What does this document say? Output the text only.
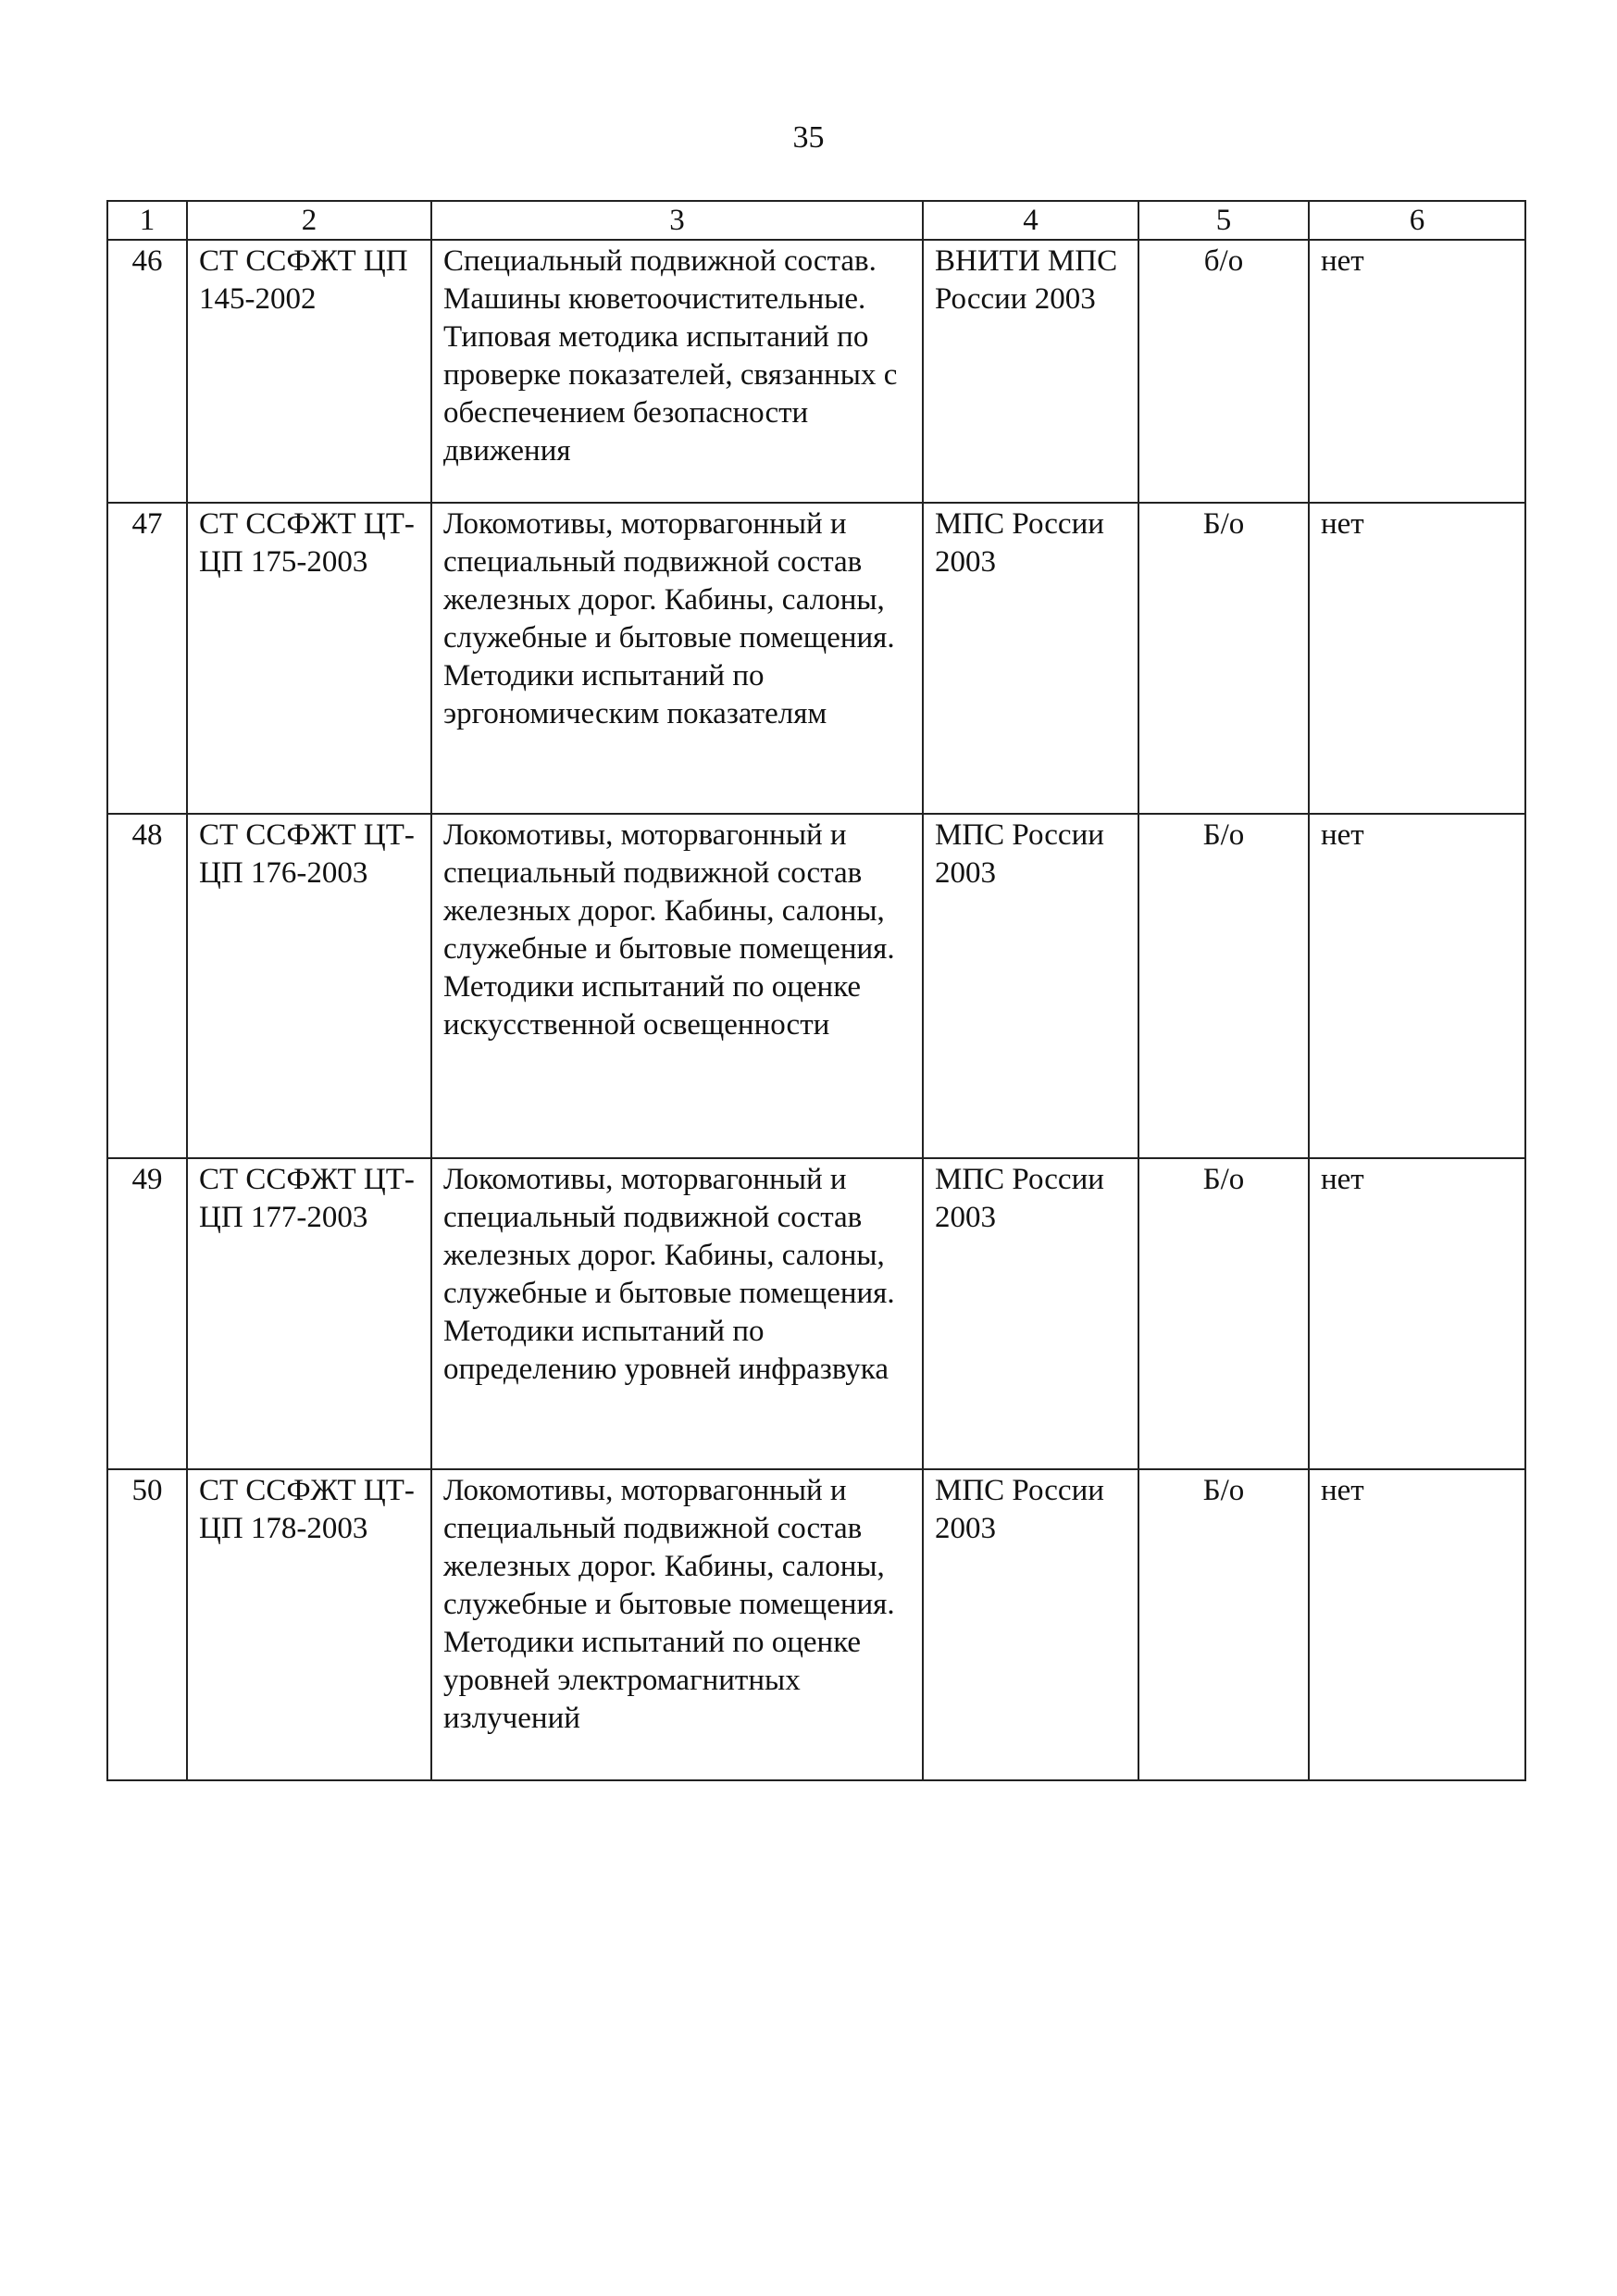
35
1	2	3	4	5	6
46	СТ ССФЖТ ЦП 145-2002	Специальный подвижной состав. Машины кюветоочистительные. Типовая методика испытаний по проверке показателей, связанных с обеспечением безопасности движения	ВНИТИ МПС России 2003	б/о	нет
47	СТ ССФЖТ ЦТ-ЦП 175-2003	Локомотивы, моторвагонный и специальный подвижной состав железных дорог. Кабины, салоны, служебные и бытовые помещения. Методики испытаний по эргономическим показателям	МПС России 2003	Б/о	нет
48	СТ ССФЖТ ЦТ-ЦП 176-2003	Локомотивы, моторвагонный и специальный подвижной состав железных дорог. Кабины, салоны, служебные и бытовые помещения. Методики испытаний по оценке искусственной освещенности	МПС России 2003	Б/о	нет
49	СТ ССФЖТ ЦТ-ЦП 177-2003	Локомотивы, моторвагонный и специальный подвижной состав железных дорог. Кабины, салоны, служебные и бытовые помещения. Методики испытаний по определению уровней инфразвука	МПС России 2003	Б/о	нет
50	СТ ССФЖТ ЦТ-ЦП 178-2003	Локомотивы, моторвагонный и специальный подвижной состав железных дорог. Кабины, салоны, служебные и бытовые помещения. Методики испытаний по оценке уровней электромагнитных излучений	МПС России 2003	Б/о	нет
